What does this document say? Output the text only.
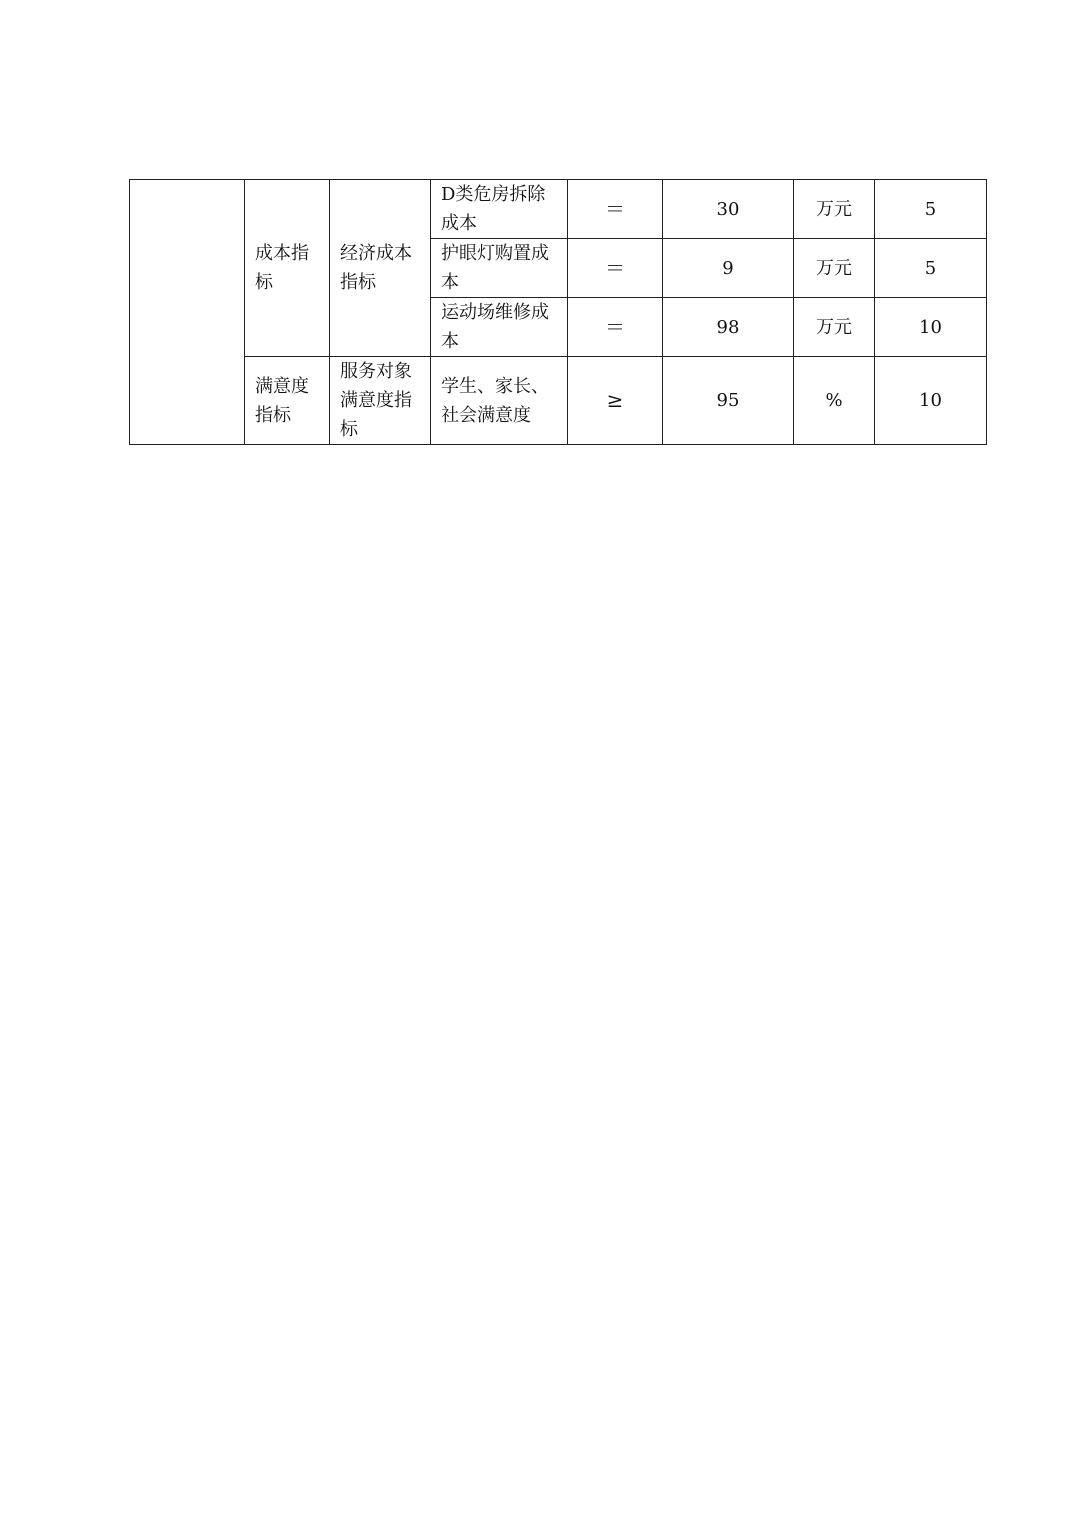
	成本指标	经济成本指标	D类危房拆除成本	＝	30	万元	5
			护眼灯购置成本	＝	9	万元	5
			运动场维修成本	＝	98	万元	10
	满意度指标	服务对象满意度指标	学生、家长、社会满意度	≥	95	%	10
